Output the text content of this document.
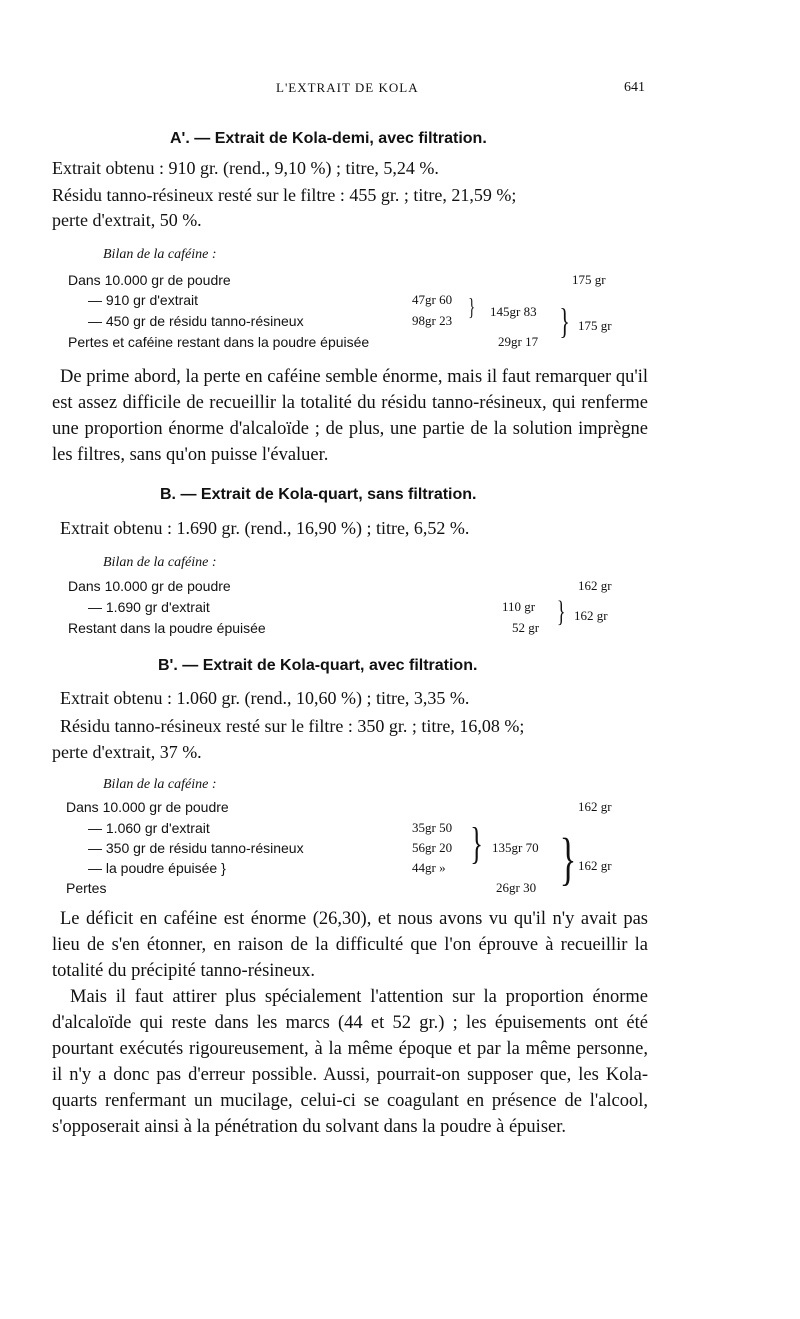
L'EXTRAIT DE KOLA	641
A'. — Extrait de Kola-demi, avec filtration.
Extrait obtenu : 910 gr. (rend., 9,10 %) ; titre, 5,24 %.
Résidu tanno-résineux resté sur le filtre : 455 gr. ; titre, 21,59 %;
perte d'extrait, 50 %.
Bilan de la caféine :
Dans 10.000 gr de poudre	175 gr
— 910 gr d'extrait	47gr 60 } 145gr 83
— 450 gr de résidu tanno-résineux	98gr 23	} 175 gr
Pertes et caféine restant dans la poudre épuisée	29gr 17
De prime abord, la perte en caféine semble énorme, mais il faut remarquer qu'il est assez difficile de recueillir la totalité du résidu tanno-résineux, qui renferme une proportion énorme d'alcaloïde ; de plus, une partie de la solution imprègne les filtres, sans qu'on puisse l'évaluer.
B. — Extrait de Kola-quart, sans filtration.
Extrait obtenu : 1.690 gr. (rend., 16,90 %) ; titre, 6,52 %.
Bilan de la caféine :
Dans 10.000 gr de poudre	162 gr
— 1.690 gr d'extrait	110 gr } 162 gr
Restant dans la poudre épuisée	52 gr
B'. — Extrait de Kola-quart, avec filtration.
Extrait obtenu : 1.060 gr. (rend., 10,60 %) ; titre, 3,35 %.
Résidu tanno-résineux resté sur le filtre : 350 gr. ; titre, 16,08 %;
perte d'extrait, 37 %.
Bilan de la caféine :
Dans 10.000 gr de poudre	162 gr
— 1.060 gr d'extrait	35gr 50
— 350 gr de résidu tanno-résineux	56gr 20 } 135gr 70
— la poudre épuisée }	44gr » } 162 gr
Pertes	26gr 30
Le déficit en caféine est énorme (26,30), et nous avons vu qu'il n'y avait pas lieu de s'en étonner, en raison de la difficulté que l'on éprouve à recueillir la totalité du précipité tanno-résineux.
Mais il faut attirer plus spécialement l'attention sur la proportion énorme d'alcaloïde qui reste dans les marcs (44 et 52 gr.) ; les épuisements ont été pourtant exécutés rigoureusement, à la même époque et par la même personne, il n'y a donc pas d'erreur possible. Aussi, pourrait-on supposer que, les Kola-quarts renfermant un mucilage, celui-ci se coagulant en présence de l'alcool, s'opposerait ainsi à la pénétration du solvant dans la poudre à épuiser.
